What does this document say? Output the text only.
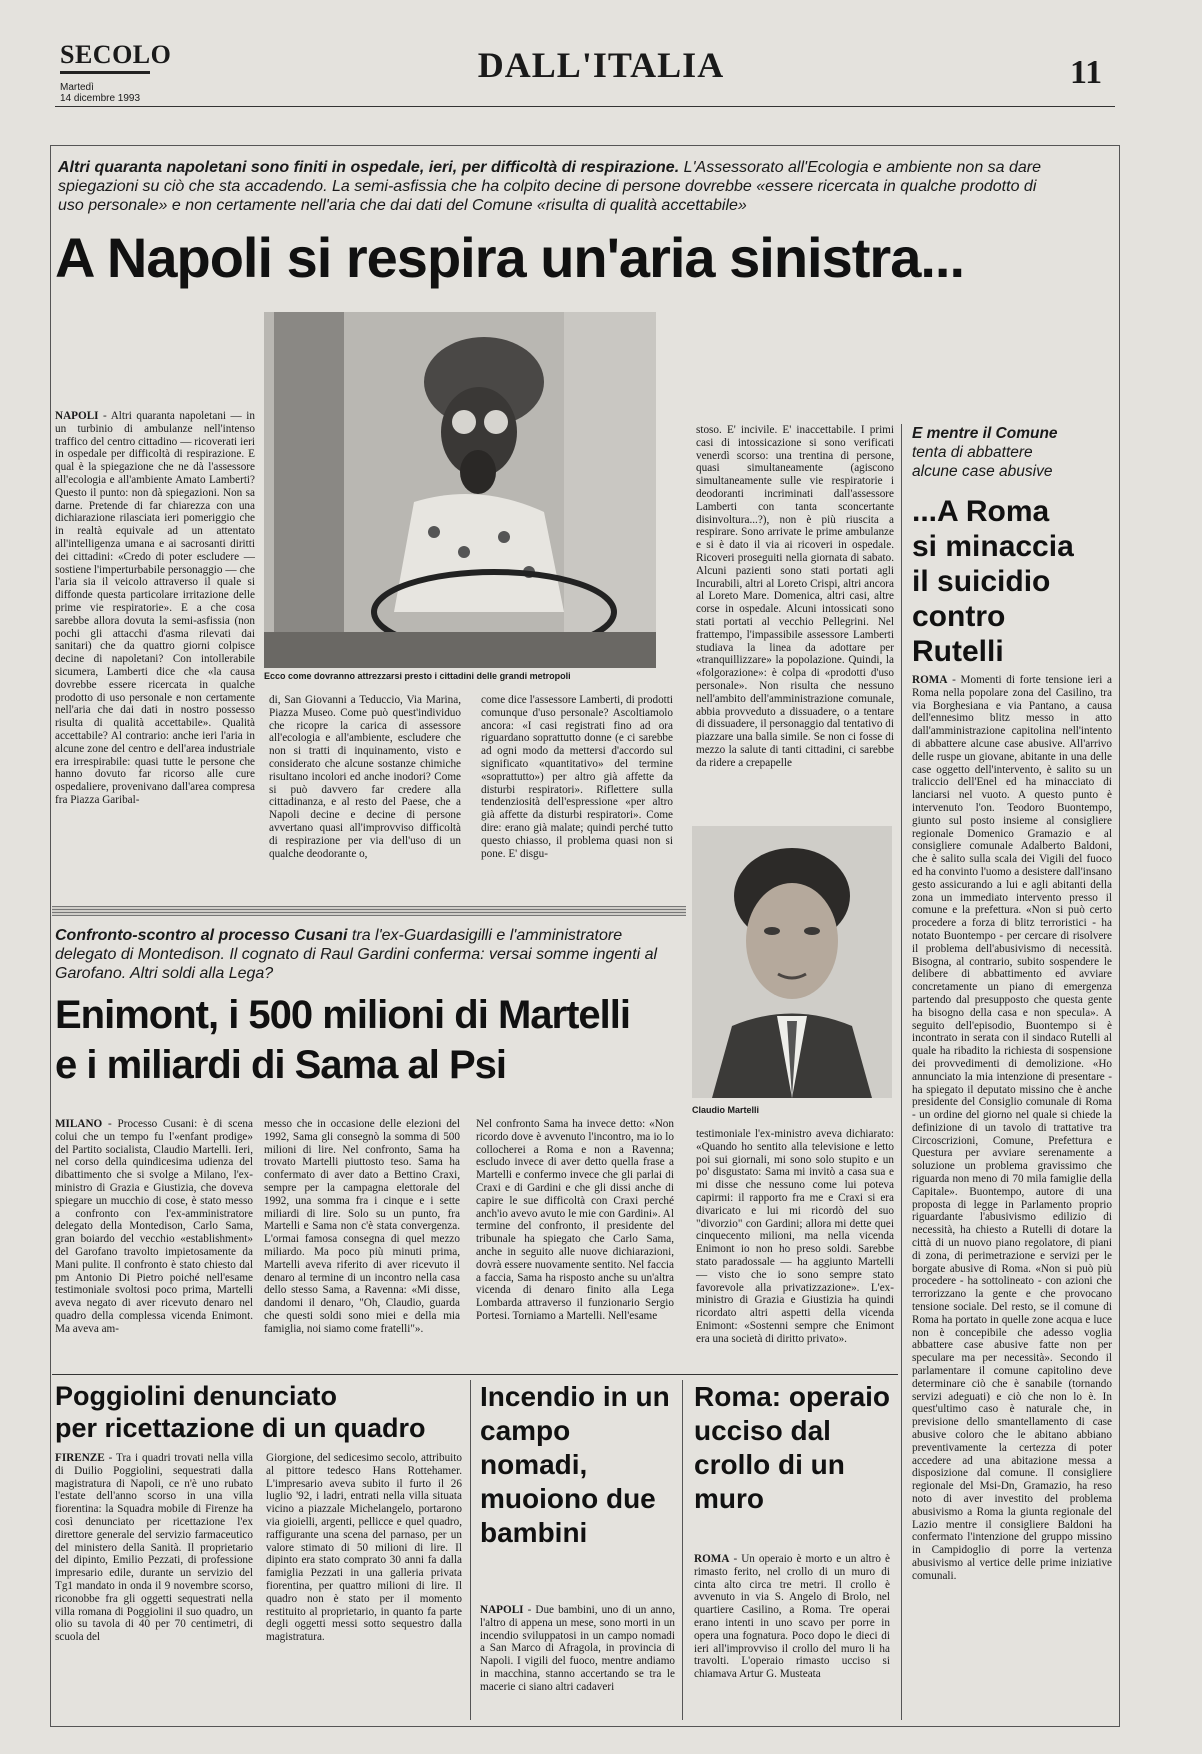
SECOLO
Martedì
14 dicembre 1993
DALL'ITALIA	11
Altri quaranta napoletani sono finiti in ospedale, ieri, per difficoltà di respirazione. L'Assessorato all'Ecologia e ambiente non sa dare spiegazioni su ciò che sta accadendo. La semi-asfissia che ha colpito decine di persone dovrebbe «essere ricercata in qualche prodotto di uso personale» e non certamente nell'aria che dai dati del Comune «risulta di qualità accettabile»
A Napoli si respira un'aria sinistra...
Ecco come dovranno attrezzarsi presto i cittadini delle grandi metropoli
NAPOLI - Altri quaranta napoletani — in un turbinio di ambulanze nell'intenso traffico del centro cittadino — ricoverati ieri in ospedale per difficoltà di respirazione. E qual è la spiegazione che ne dà l'assessore all'ecologia e all'ambiente Amato Lamberti? Questo il punto: non dà spiegazioni. Non sa darne. Pretende di far chiarezza con una dichiarazione rilasciata ieri pomeriggio che in realtà equivale ad un attentato all'intelligenza umana e ai sacrosanti diritti dei cittadini: «Credo di poter escludere — sostiene l'imperturbabile personaggio — che l'aria sia il veicolo attraverso il quale si diffonde questa particolare irritazione delle prime vie respiratorie». E a che cosa sarebbe allora dovuta la semi-asfissia (non pochi gli attacchi d'asma rilevati dai sanitari) che da quattro giorni colpisce decine di napoletani? Con intollerabile sicumera, Lamberti dice che «la causa dovrebbe essere ricercata in qualche prodotto di uso personale e non certamente nell'aria che dai dati in nostro possesso risulta di qualità accettabile». Qualità accettabile? Al contrario: anche ieri l'aria in alcune zone del centro e dell'area industriale era irrespirabile: quasi tutte le persone che hanno dovuto far ricorso alle cure ospedaliere, provenivano dall'area compresa fra Piazza Garibal-
di, San Giovanni a Teduccio, Via Marina, Piazza Museo. Come può quest'individuo che ricopre la carica di assessore all'ecologia e all'ambiente, escludere che non si tratti di inquinamento, visto e considerato che alcune sostanze chimiche risultano incolori ed anche inodori? Come si può davvero far credere alla cittadinanza, e al resto del Paese, che a Napoli decine e decine di persone avvertano quasi all'improvviso difficoltà di respirazione per via dell'uso di un qualche deodorante o,
come dice l'assessore Lamberti, di prodotti comunque d'uso personale? Ascoltiamolo ancora: «I casi registrati fino ad ora riguardano soprattutto donne (e ci sarebbe ad ogni modo da mettersi d'accordo sul significato «quantitativo» del termine «soprattutto») per altro già affette da disturbi respiratori». Riflettere sulla tendenziosità dell'espressione «per altro già affette da disturbi respiratori». Come dire: erano già malate; quindi perché tutto questo chiasso, il problema quasi non si pone. E' disgu-
stoso. E' incivile. E' inaccettabile. I primi casi di intossicazione si sono verificati venerdì scorso: una trentina di persone, quasi simultaneamente (agiscono simultaneamente sulle vie respiratorie i deodoranti incriminati dall'assessore Lamberti con tanta sconcertante disinvoltura...?), non è più riuscita a respirare. Sono arrivate le prime ambulanze e si è dato il via ai ricoveri in ospedale. Ricoveri proseguiti nella giornata di sabato. Alcuni pazienti sono stati portati agli Incurabili, altri al Loreto Crispi, altri ancora al Loreto Mare. Domenica, altri casi, altre corse in ospedale. Alcuni intossicati sono stati portati al vecchio Pellegrini. Nel frattempo, l'impassibile assessore Lamberti studiava la linea da adottare per «tranquillizzare» la popolazione. Quindi, la «folgorazione»: è colpa di «prodotti d'uso personale». Non risulta che nessuno nell'ambito dell'amministrazione comunale, abbia provveduto a dissuadere, o a tentare di dissuadere, il personaggio dal tentativo di piazzare una balla simile. Se non ci fosse di mezzo la salute di tanti cittadini, ci sarebbe da ridere a crepapelle
E mentre il Comune
tenta di abbattere
alcune case abusive
...A Roma si minaccia il suicidio contro Rutelli
ROMA - Momenti di forte tensione ieri a Roma nella popolare zona del Casilino, tra via Borghesiana e via Pantano, a causa dell'ennesimo blitz messo in atto dall'amministrazione capitolina nell'intento di abbattere alcune case abusive. All'arrivo delle ruspe un giovane, abitante in una delle case oggetto dell'intervento, è salito su un traliccio dell'Enel ed ha minacciato di lanciarsi nel vuoto. A questo punto è intervenuto l'on. Teodoro Buontempo, giunto sul posto insieme al consigliere regionale Domenico Gramazio e al consigliere comunale Adalberto Baldoni, che è salito sulla scala dei Vigili del fuoco ed ha convinto l'uomo a desistere dall'insano gesto assicurando a lui e agli abitanti della zona un immediato intervento presso il comune e la prefettura. «Non si può certo procedere a forza di blitz terroristici - ha notato Buontempo - per cercare di risolvere il problema dell'abusivismo di necessità. Bisogna, al contrario, subito sospendere le delibere di abbattimento ed avviare concretamente un piano di emergenza partendo dal presupposto che questa gente ha bisogno della casa e non specula». A seguito dell'episodio, Buontempo si è incontrato in serata con il sindaco Rutelli al quale ha ribadito la richiesta di sospensione dei provvedimenti di demolizione. «Ho annunciato la mia intenzione di presentare - ha spiegato il deputato missino che è anche presidente del Consiglio comunale di Roma - un ordine del giorno nel quale si chiede la definizione di un tavolo di trattative tra Circoscrizioni, Comune, Prefettura e Questura per avviare serenamente a soluzione un problema gravissimo che riguarda non meno di 70 mila famiglie della Capitale». Buontempo, autore di una proposta di legge in Parlamento proprio riguardante l'abusivismo edilizio di necessità, ha chiesto a Rutelli di dotare la città di un nuovo piano regolatore, di piani di zona, di perimetrazione e servizi per le borgate abusive di Roma. «Non si può più procedere - ha sottolineato - con azioni che terrorizzano la gente e che provocano tensione sociale. Del resto, se il comune di Roma ha portato in quelle zone acqua e luce non è concepibile che adesso voglia abbattere case abusive fatte non per speculare ma per necessità». Secondo il parlamentare il comune capitolino deve determinare ciò che è sanabile (tornando servizi adeguati) e ciò che non lo è. In quest'ultimo caso è naturale che, in previsione dello smantellamento di case abusive coloro che le abitano abbiano preventivamente la certezza di poter accedere ad una abitazione messa a disposizione dal comune. Il consigliere regionale del Msi-Dn, Gramazio, ha reso noto di aver investito del problema abusivismo a Roma la giunta regionale del Lazio mentre il consigliere Baldoni ha confermato l'intenzione del gruppo missino in Campidoglio di porre la vertenza abusivismo al vertice delle prime iniziative comunali.
Claudio Martelli
Confronto-scontro al processo Cusani tra l'ex-Guardasigilli e l'amministratore delegato di Montedison. Il cognato di Raul Gardini conferma: versai somme ingenti al Garofano. Altri soldi alla Lega?
Enimont, i 500 milioni di Martelli
e i miliardi di Sama al Psi
MILANO - Processo Cusani: è di scena colui che un tempo fu l'«enfant prodige» del Partito socialista, Claudio Martelli. Ieri, nel corso della quindicesima udienza del dibattimento che si svolge a Milano, l'ex-ministro di Grazia e Giustizia, che doveva spiegare un mucchio di cose, è stato messo a confronto con l'ex-amministratore delegato della Montedison, Carlo Sama, gran boiardo del vecchio «establishment» del Garofano travolto impietosamente da Mani pulite. Il confronto è stato chiesto dal pm Antonio Di Pietro poiché nell'esame testimoniale svoltosi poco prima, Martelli aveva negato di aver ricevuto denaro nel quadro della complessa vicenda Enimont. Ma aveva am-
messo che in occasione delle elezioni del 1992, Sama gli consegnò la somma di 500 milioni di lire. Nel confronto, Sama ha trovato Martelli piuttosto teso. Sama ha confermato di aver dato a Bettino Craxi, sempre per la campagna elettorale del 1992, una somma fra i cinque e i sette miliardi di lire. Solo su un punto, fra Martelli e Sama non c'è stata convergenza. L'ormai famosa consegna di quel mezzo miliardo. Ma poco più minuti prima, Martelli aveva riferito di aver ricevuto il denaro al termine di un incontro nella casa dello stesso Sama, a Ravenna: «Mi disse, dandomi il denaro, "Oh, Claudio, guarda che questi soldi sono miei e della mia famiglia, noi siamo come fratelli"».
Nel confronto Sama ha invece detto: «Non ricordo dove è avvenuto l'incontro, ma io lo collocherei a Roma e non a Ravenna; escludo invece di aver detto quella frase a Martelli e confermo invece che gli parlai di Craxi e di Gardini e che gli dissi anche di capire le sue difficoltà con Craxi perché anch'io avevo avuto le mie con Gardini». Al termine del confronto, il presidente del tribunale ha spiegato che Carlo Sama, anche in seguito alle nuove dichiarazioni, dovrà essere nuovamente sentito. Nel faccia a faccia, Sama ha risposto anche su un'altra vicenda di denaro finito alla Lega Lombarda attraverso il funzionario Sergio Portesi. Torniamo a Martelli. Nell'esame
testimoniale l'ex-ministro aveva dichiarato: «Quando ho sentito alla televisione e letto poi sui giornali, mi sono solo stupito e un po' disgustato: Sama mi invitò a casa sua e mi disse che nessuno come lui poteva capirmi: il rapporto fra me e Craxi si era divaricato e lui mi ricordò del suo "divorzio" con Gardini; allora mi dette quei cinquecento milioni, ma nella vicenda Enimont io non ho preso soldi. Sarebbe stato paradossale — ha aggiunto Martelli — visto che io sono sempre stato favorevole alla privatizzazione». L'ex-ministro di Grazia e Giustizia ha quindi ricordato altri aspetti della vicenda Enimont: «Sostenni sempre che Enimont era una società di diritto privato».
Poggiolini denunciato
per ricettazione di un quadro
FIRENZE - Tra i quadri trovati nella villa di Duilio Poggiolini, sequestrati dalla magistratura di Napoli, ce n'è uno rubato l'estate dell'anno scorso in una villa fiorentina: la Squadra mobile di Firenze ha così denunciato per ricettazione l'ex direttore generale del servizio farmaceutico del ministero della Sanità. Il proprietario del dipinto, Emilio Pezzati, di professione impresario edile, durante un servizio del Tg1 mandato in onda il 9 novembre scorso, riconobbe fra gli oggetti sequestrati nella villa romana di Poggiolini il suo quadro, un olio su tavola di 40 per 70 centimetri, di scuola del
Giorgione, del sedicesimo secolo, attribuito al pittore tedesco Hans Rottehamer. L'impresario aveva subito il furto il 26 luglio '92, i ladri, entrati nella villa situata vicino a piazzale Michelangelo, portarono via gioielli, argenti, pellicce e quel quadro, raffigurante una scena del parnaso, per un valore stimato di 50 milioni di lire. Il dipinto era stato comprato 30 anni fa dalla famiglia Pezzati in una galleria privata fiorentina, per quattro milioni di lire. Il quadro non è stato per il momento restituito al proprietario, in quanto fa parte degli oggetti messi sotto sequestro dalla magistratura.
Incendio in un campo nomadi, muoiono due bambini
NAPOLI - Due bambini, uno di un anno, l'altro di appena un mese, sono morti in un incendio sviluppatosi in un campo nomadi a San Marco di Afragola, in provincia di Napoli. I vigili del fuoco, mentre andiamo in macchina, stanno accertando se tra le macerie ci siano altri cadaveri
Roma: operaio ucciso dal crollo di un muro
ROMA - Un operaio è morto e un altro è rimasto ferito, nel crollo di un muro di cinta alto circa tre metri. Il crollo è avvenuto in via S. Angelo di Brolo, nel quartiere Casilino, a Roma. Tre operai erano intenti in uno scavo per porre in opera una fognatura. Poco dopo le dieci di ieri all'improvviso il crollo del muro li ha travolti. L'operaio rimasto ucciso si chiamava Artur G. Musteata
